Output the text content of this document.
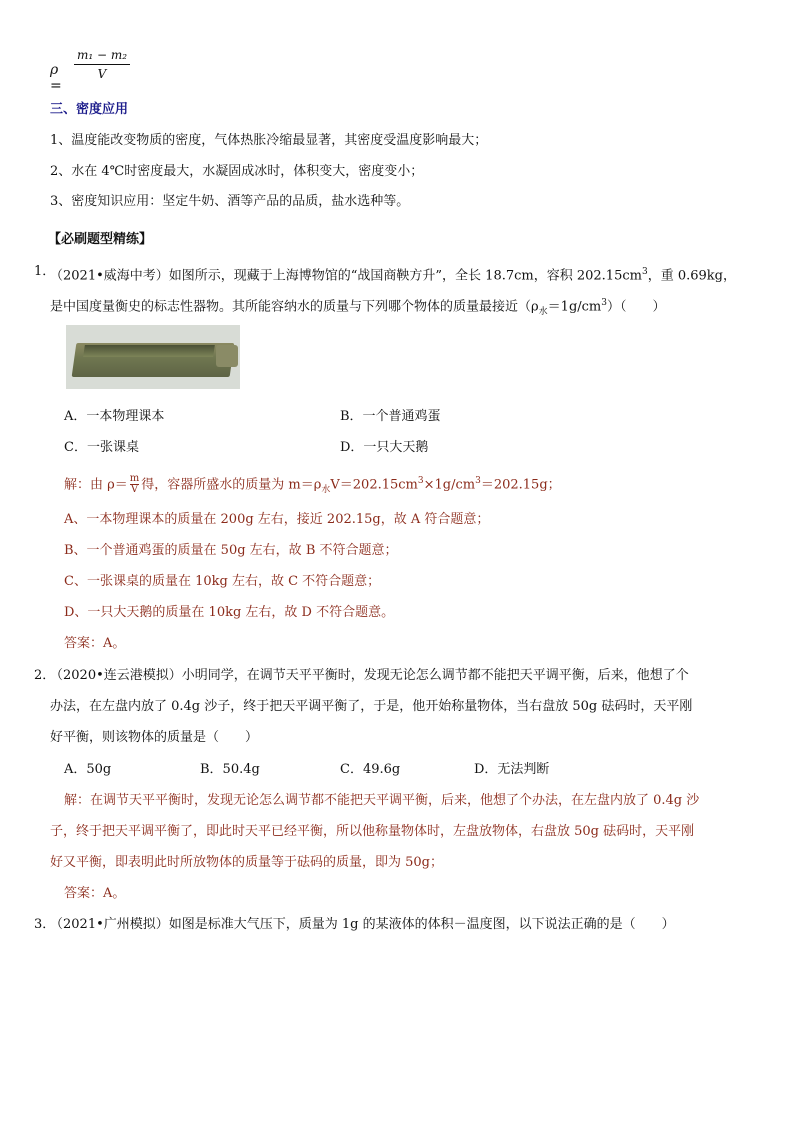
ρ =
m₁ − m₂
V
三、密度应用
1、温度能改变物质的密度，气体热胀冷缩最显著，其密度受温度影响最大；
2、水在 4℃时密度最大，水凝固成冰时，体积变大，密度变小；
3、密度知识应用：坚定牛奶、酒等产品的品质，盐水选种等。
【必刷题型精练】
1．
（2021•威海中考）如图所示，现藏于上海博物馆的“战国商鞅方升”，全长 18.7cm，容积 $202.15cm^3$，重 0.69kg，
是中国度量衡史的标志性器物。其所能容纳水的质量与下列哪个物体的质量最接近$(\rho_水=1g/cm^3)$（　　）
A．一本物理课本	B．一个普通鸡蛋
C．一张课桌	D．一只大天鹅
解：由 $\rho= \frac{m}{V}$ 得，容器所盛水的质量为 $m=\rho_水V=202.15cm^3\times 1g/cm^3=202.15g$；
A、一本物理课本的质量在 200g 左右，接近 202.15g，故 A 符合题意；
B、一个普通鸡蛋的质量在 50g 左右，故 B 不符合题意；
C、一张课桌的质量在 10kg 左右，故 C 不符合题意；
D、一只大天鹅的质量在 10kg 左右，故 D 不符合题意。
答案：A。
2．
（2020•连云港模拟）小明同学，在调节天平平衡时，发现无论怎么调节都不能把天平调平衡，后来，他想了个
办法，在左盘内放了 0.4g 沙子，终于把天平调平衡了，于是，他开始称量物体，当右盘放 50g 砝码时，天平刚
好平衡，则该物体的质量是（　　）
A．50g	B．50.4g	C．49.6g	D．无法判断
解：在调节天平平衡时，发现无论怎么调节都不能把天平调平衡，后来，他想了个办法，在左盘内放了 0.4g 沙
子，终于把天平调平衡了，即此时天平已经平衡，所以他称量物体时，左盘放物体，右盘放 50g 砝码时，天平刚
好又平衡，即表明此时所放物体的质量等于砝码的质量，即为 50g；
答案：A。
3．
（2021•广州模拟）如图是标准大气压下，质量为 1g 的某液体的体积－温度图，以下说法正确的是（　　）
